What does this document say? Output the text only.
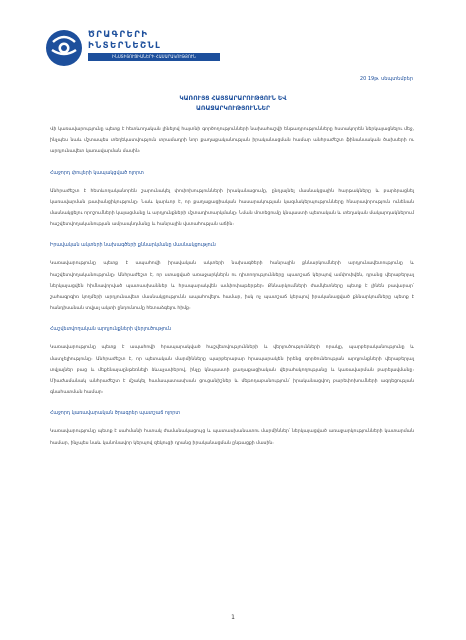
ԾՐԱԳՐԵՐԻ
ԻՆՏԵՐՆԵՇՆԼ
ԻՆՍՏԻՏՈՒՑԻԱՆԵՐԻ ՀԱՍԱՐԱԿՈՒԹՅՈՒՆ
20 19թ. սեպտեմբեր
ԿԱՌՈՒՅՑ ՀԱՅՏԱՐԱՐՈՒԹՅՈՒՆ ԵՎ
ԱՌԱՋԱՐԿՈՒԹՅՈՒՆՆԵՐ

Վի կառավարությունը պետք է հետևողական լինելով հայտնի գործողությունների նախահաշվի ենթադրությունները հստակորեն ներկայացնելու մեջ, ինչպես նաև մշտապես տեղեկատվություն տրամադրի նոր քաղաքականության իրականացման համար անհրաժեշտ ֆինանսական ծախսերի ու արդյունավետ կառավարման մասին։

Հաջորդ փուլերի կապակցված ոլորտ

Անհրաժեշտ է հետևողականորեն շարունակել փոփոխությունների իրականացումը, ընդլայնել մասնակցային հարթակները և բարձրացնել կառավարման թափանցիկությունը։ Նաև կարևոր է, որ քաղաքացիական հասարակության կազմակերպությունները հնարավորություն ունենան մասնակցելու որոշումների կայացմանը և արդյունքների մշտադիտարկմանը։ Նման մոտեցումը կնպաստի պետական և տեղական մակարդակներում հաշվետվողականության ամրապնդմանը և հանրային վստահության աճին։

Իրավական ակտերի նախագծերի քննարկմանը մասնակցություն

Կառավարությունը պետք է ապահովի իրավական ակտերի նախագծերի հանրային քննարկումների արդյունավետությունը և հաշվետվողականությունը։ Անհրաժեշտ է, որ ստացված առաջարկներն ու դիտողությունները պատշաճ կերպով ամփոփվեն, դրանց վերաբերյալ ներկայացվեն հիմնավորված պատասխաններ և հրապարակվեն ամփոփաթերթեր։ Քննարկումների ժամկետները պետք է լինեն բավարար՝ շահագրգիռ կողմերի արդյունավետ մասնակցությունն ապահովելու համար, իսկ ոչ պատշաճ կերպով իրականացված քննարկումները պետք է հանդիսանան տվյալ ակտի ընդունումը հետաձգելու հիմք։

Հաշվետվողական արդյունքների վերլուծություն

Կառավարությունը պետք է ապահովի հրապարակված հաշվետվությունների և վերլուծությունների որակը, պարբերականությունը և մատչելիությունը։ Անհրաժեշտ է, որ պետական մարմինները պարբերաբար հրապարակեն իրենց գործունեության արդյունքների վերաբերյալ տվյալներ բաց և մեքենայաընթեռնելի ձևաչափերով, ինչը կնպաստի քաղաքացիական վերահսկողությանը և կառավարման բարելավմանը։ Միաժամանակ անհրաժեշտ է մշակել համապատասխան ցուցանիշներ և մեթոդաբանություն՝ իրականացվող բարեփոխումների ազդեցության գնահատման համար։

Հաջորդ կառավարական ծրագրեր պատշաճ ոլորտ

Կառավարությունը պետք է սահմանի հստակ ժամանակացույց և պատասխանատու մարմիններ՝ ներկայացված առաջարկությունների կատարման համար, ինչպես նաև կանոնավոր կերպով զեկուցի դրանց իրականացման ընթացքի մասին։

1
